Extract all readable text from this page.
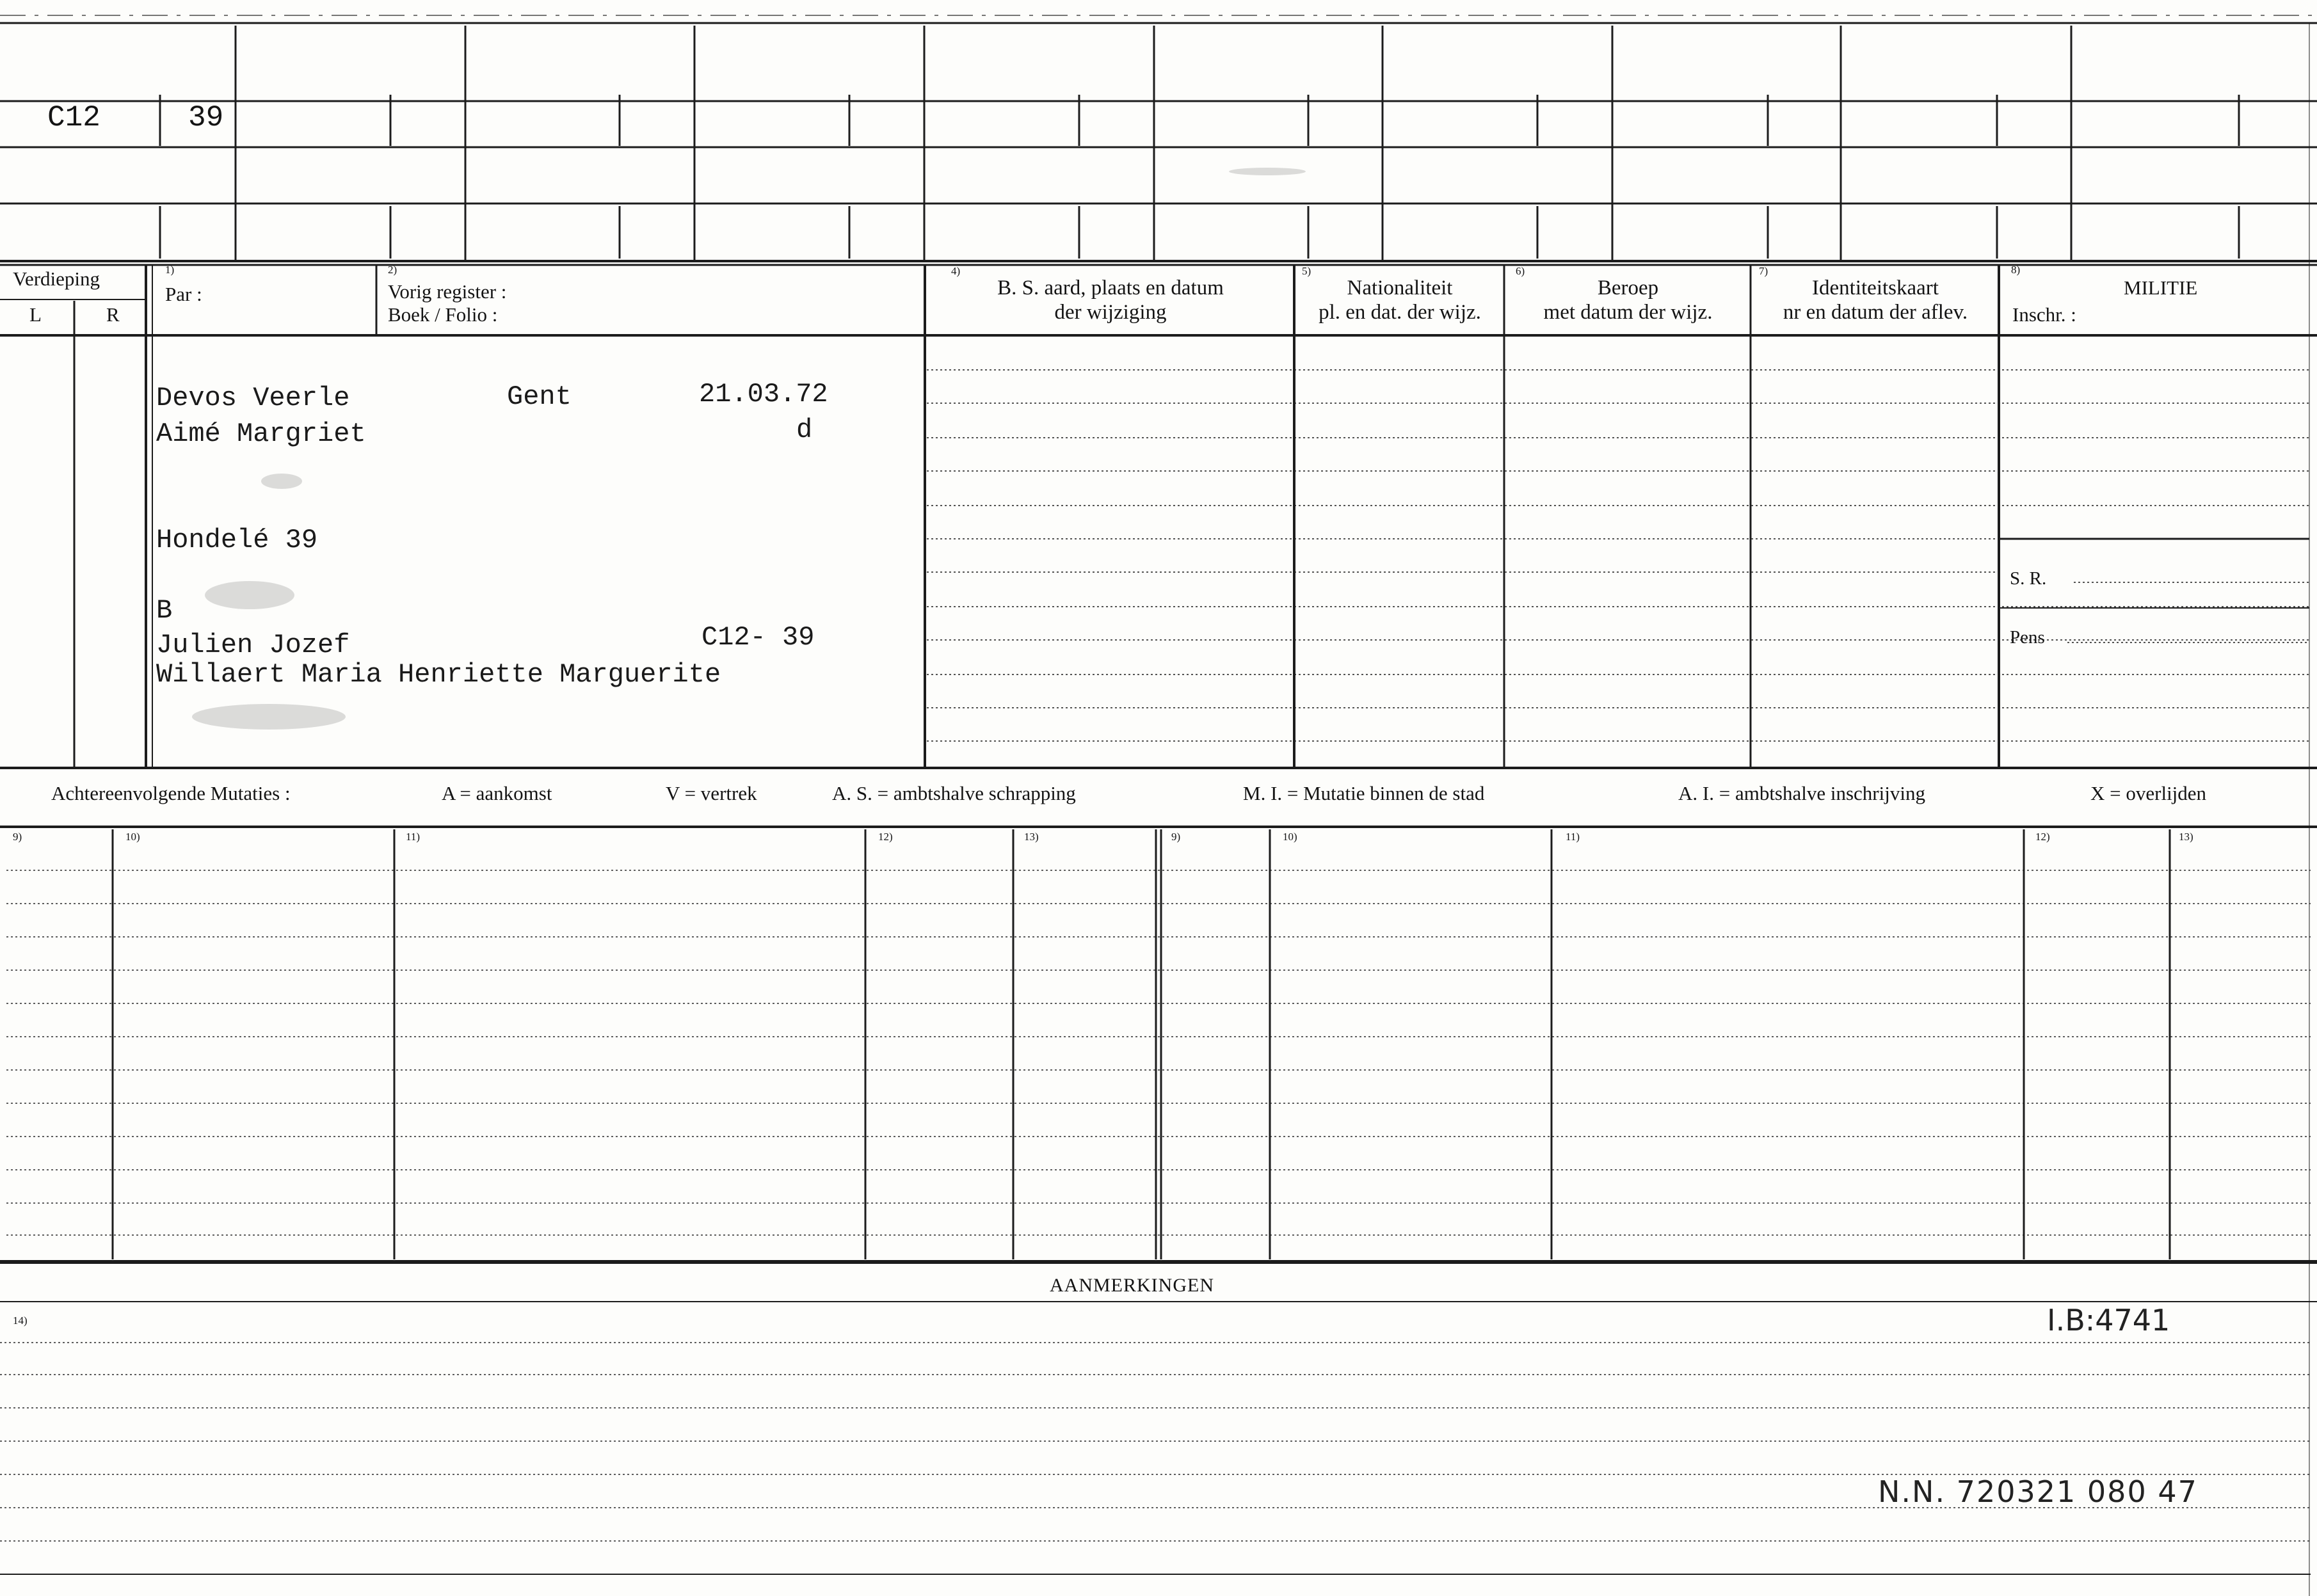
C12	39
Verdieping
L	R
1)
Par :
2)
Vorig register :
Boek / Folio :
4)
B. S. aard, plaats en datum
der wijziging
5)
Nationaliteit
pl. en dat. der wijz.
6)
Beroep
met datum der wijz.
7)
Identiteitskaart
nr en datum der aflev.
8)
MILITIE
Inschr. :
S. R.
Pens
Devos Veerle	Gent	21.03.72
Aimé Margriet	d
Hondelé 39
B
Julien Jozef	C12- 39
Willaert Maria Henriette Marguerite
Achtereenvolgende Mutaties :	A = aankomst	V = vertrek	A. S. = ambtshalve schrapping	M. I. = Mutatie binnen de stad	A. I. = ambtshalve inschrijving	X = overlijden
9)	10)	11)	12)	13)	9)	10)	11)	12)	13)
AANMERKINGEN
14)	I.B:4741
N.N. 720321 080 47
